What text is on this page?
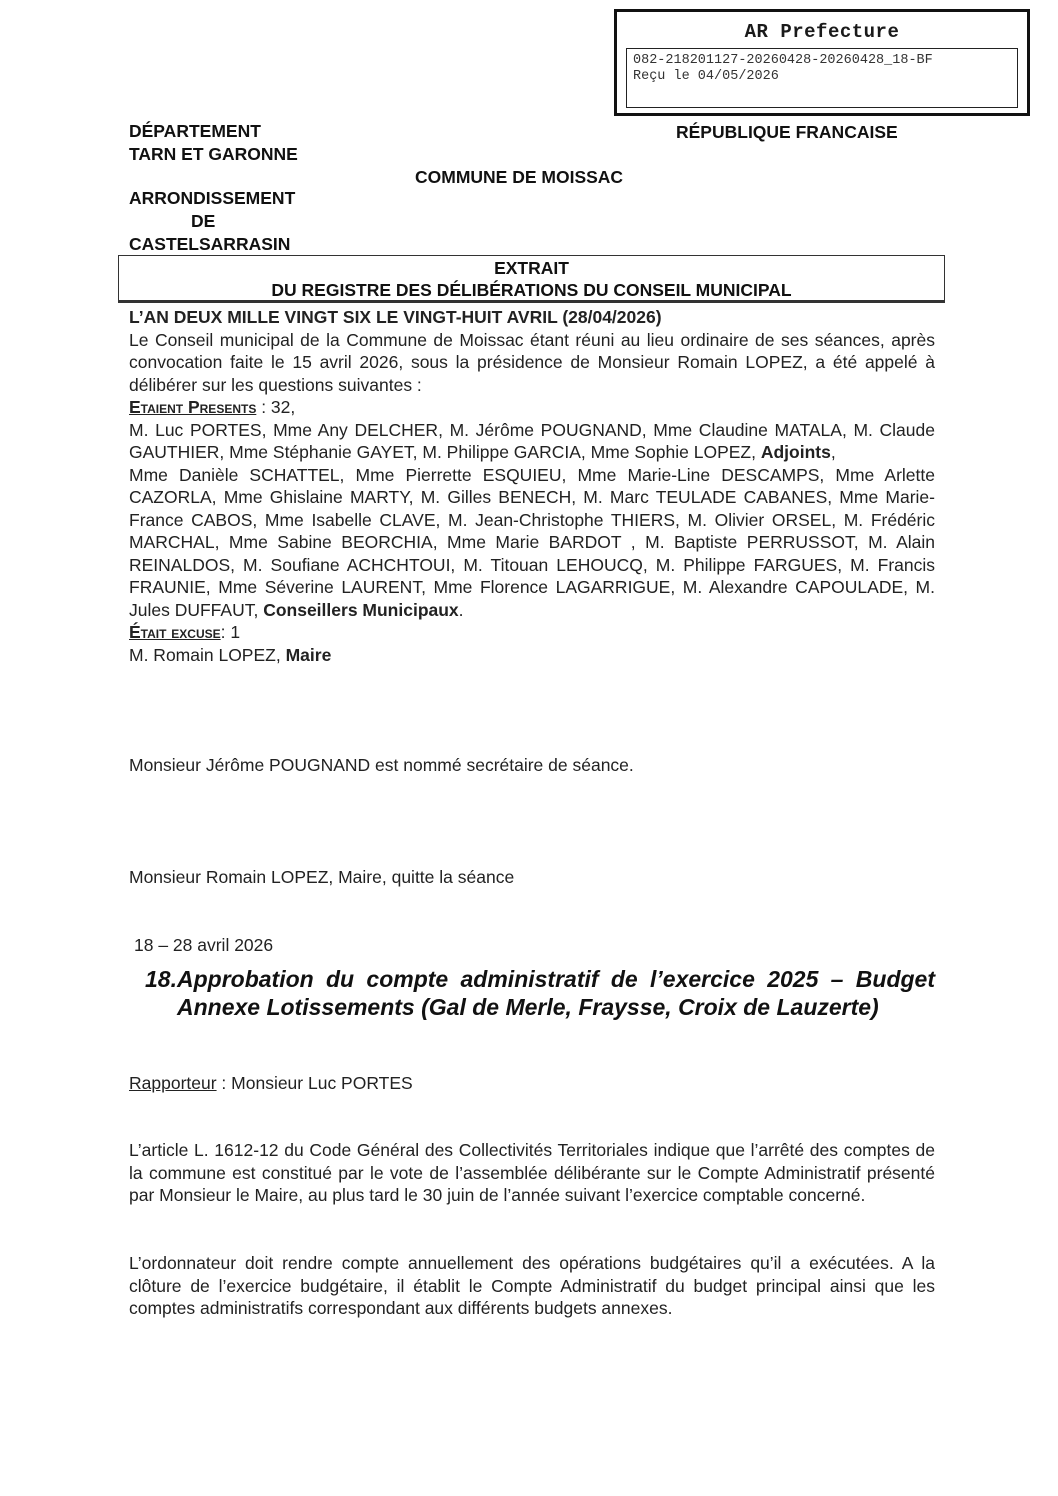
AR Prefecture
082-218201127-20260428-20260428_18-BF
Reçu le 04/05/2026
DÉPARTEMENT
TARN ET GARONNE
RÉPUBLIQUE FRANCAISE
COMMUNE DE MOISSAC
ARRONDISSEMENT
DE
CASTELSARRASIN
EXTRAIT
DU REGISTRE DES DÉLIBÉRATIONS DU CONSEIL MUNICIPAL

L’AN DEUX MILLE VINGT SIX LE VINGT-HUIT AVRIL (28/04/2026)

Le Conseil municipal de la Commune de Moissac étant réuni au lieu ordinaire de ses séances, après convocation faite le 15 avril 2026, sous la présidence de Monsieur Romain LOPEZ, a été appelé à délibérer sur les questions suivantes :

Etaient Presents : 32,

M. Luc PORTES, Mme Any DELCHER, M. Jérôme POUGNAND, Mme Claudine MATALA, M. Claude GAUTHIER, Mme Stéphanie GAYET, M. Philippe GARCIA, Mme Sophie LOPEZ, Adjoints,

Mme Danièle SCHATTEL, Mme Pierrette ESQUIEU, Mme Marie-Line DESCAMPS, Mme Arlette CAZORLA, Mme Ghislaine MARTY, M. Gilles BENECH, M. Marc TEULADE CABANES, Mme Marie-France CABOS, Mme Isabelle CLAVE, M. Jean-Christophe THIERS, M. Olivier ORSEL, M. Frédéric MARCHAL, Mme Sabine BEORCHIA, Mme Marie BARDOT , M. Baptiste PERRUSSOT, M. Alain REINALDOS, M. Soufiane ACHCHTOUI, M. Titouan LEHOUCQ, M. Philippe FARGUES, M. Francis FRAUNIE, Mme Séverine LAURENT, Mme Florence LAGARRIGUE, M. Alexandre CAPOULADE, M. Jules DUFFAUT, Conseillers Municipaux.

Était excuse: 1

M. Romain LOPEZ, Maire

Monsieur Jérôme POUGNAND est nommé secrétaire de séance.
Monsieur Romain LOPEZ, Maire, quitte la séance
18 – 28 avril 2026
18. Approbation du compte administratif de l’exercice 2025 – Budget Annexe Lotissements (Gal de Merle, Fraysse, Croix de Lauzerte)
Rapporteur : Monsieur Luc PORTES
L’article L. 1612-12 du Code Général des Collectivités Territoriales indique que l’arrêté des comptes de la commune est constitué par le vote de l’assemblée délibérante sur le Compte Administratif présenté par Monsieur le Maire, au plus tard le 30 juin de l’année suivant l’exercice comptable concerné.
L’ordonnateur doit rendre compte annuellement des opérations budgétaires qu’il a exécutées. A la clôture de l’exercice budgétaire, il établit le Compte Administratif du budget principal ainsi que les comptes administratifs correspondant aux différents budgets annexes.
